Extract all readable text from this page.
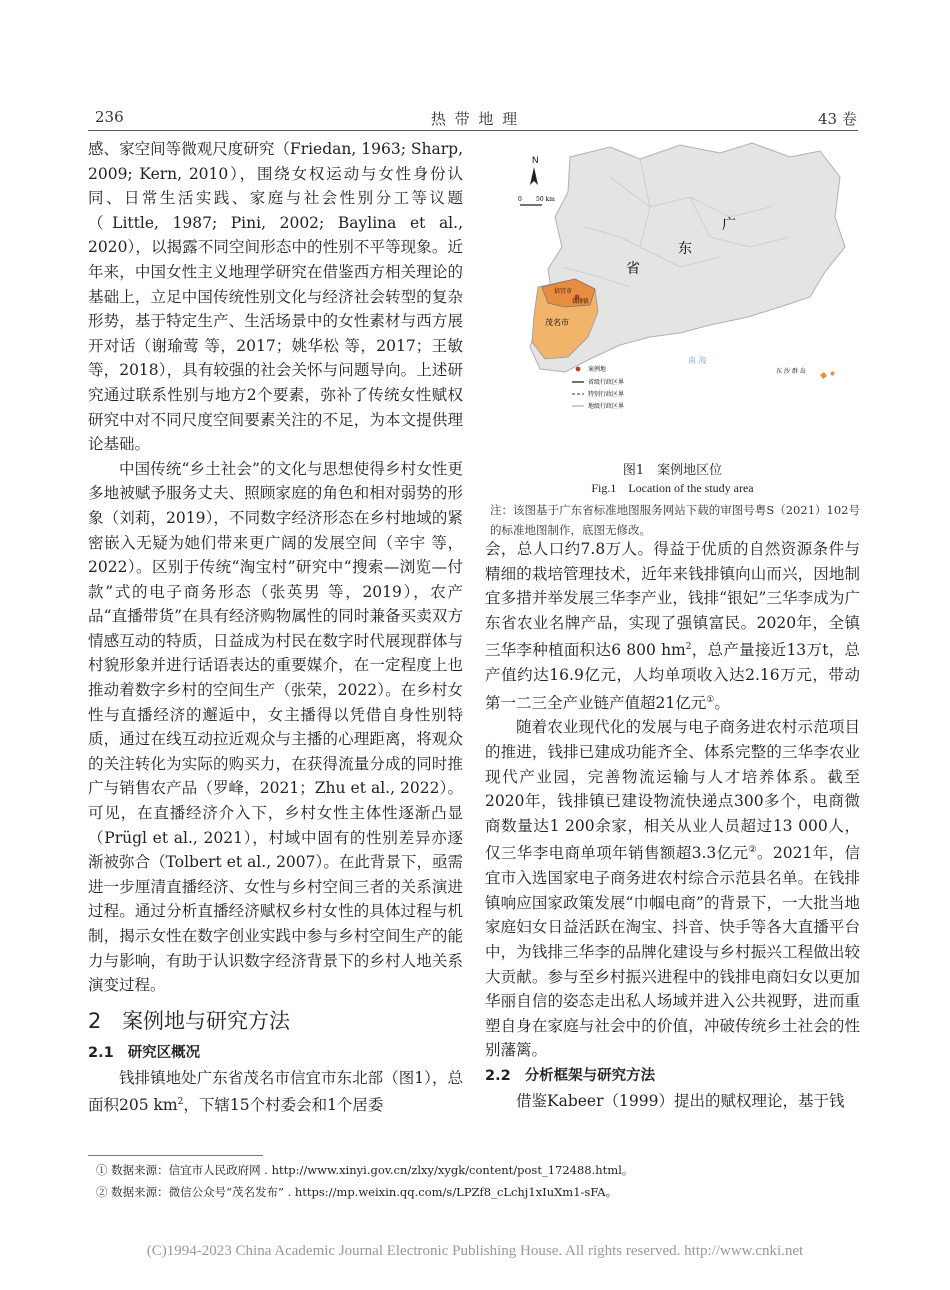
236	热 带 地 理	43 卷

感、家空间等微观尺度研究（Friedan, 1963; Sharp, 2009; Kern, 2010），围绕女权运动与女性身份认同、日常生活实践、家庭与社会性别分工等议题（Little, 1987; Pini, 2002; Baylina et al., 2020），以揭露不同空间形态中的性别不平等现象。近年来，中国女性主义地理学研究在借鉴西方相关理论的基础上，立足中国传统性别文化与经济社会转型的复杂形势，基于特定生产、生活场景中的女性素材与西方展开对话（谢瑜莺 等，2017；姚华松 等，2017；王敏 等，2018），具有较强的社会关怀与问题导向。上述研究通过联系性别与地方2个要素，弥补了传统女性赋权研究中对不同尺度空间要素关注的不足，为本文提供理论基础。

中国传统“乡土社会”的文化与思想使得乡村女性更多地被赋予服务丈夫、照顾家庭的角色和相对弱势的形象（刘莉，2019），不同数字经济形态在乡村地域的紧密嵌入无疑为她们带来更广阔的发展空间（辛宇 等，2022）。区别于传统“淘宝村”研究中“搜索—浏览—付款”式的电子商务形态（张英男 等，2019），农产品“直播带货”在具有经济购物属性的同时兼备买卖双方情感互动的特质，日益成为村民在数字时代展现群体与村貌形象并进行话语表达的重要媒介，在一定程度上也推动着数字乡村的空间生产（张荣，2022）。在乡村女性与直播经济的邂逅中，女主播得以凭借自身性别特质，通过在线互动拉近观众与主播的心理距离，将观众的关注转化为实际的购买力，在获得流量分成的同时推广与销售农产品（罗峰，2021；Zhu et al., 2022）。可见，在直播经济介入下，乡村女性主体性逐渐凸显（Prügl et al., 2021），村域中固有的性别差异亦逐渐被弥合（Tolbert et al., 2007）。在此背景下，亟需进一步厘清直播经济、女性与乡村空间三者的关系演进过程。通过分析直播经济赋权乡村女性的具体过程与机制，揭示女性在数字创业实践中参与乡村空间生产的能力与影响，有助于认识数字经济背景下的乡村人地关系演变过程。

2 案例地与研究方法
2.1 研究区概况

钱排镇地处广东省茂名市信宜市东北部（图1），总面积205 $km^2$，下辖15个村委会和1个居委

N
0 50 km
广
东
省
信宜市
钱排镇
茂名市
南 海
东 沙 群 岛
案例地
省级行政区界
特别行政区界
地级行政区界
图1　案例地区位
Fig.1　Location of the study area
注：该图基于广东省标准地图服务网站下载的审图号粤S（2021）102号的标准地图制作，底图无修改。

会，总人口约7.8万人。得益于优质的自然资源条件与精细的栽培管理技术，近年来钱排镇向山而兴，因地制宜多措并举发展三华李产业，钱排“银妃”三华李成为广东省农业名牌产品，实现了强镇富民。2020年，全镇三华李种植面积达6 800 $hm^2$，总产量接近13万t，总产值约达16.9亿元，人均单项收入达2.16万元，带动第一二三全产业链产值超21亿元①。

随着农业现代化的发展与电子商务进农村示范项目的推进，钱排已建成功能齐全、体系完整的三华李农业现代产业园，完善物流运输与人才培养体系。截至2020年，钱排镇已建设物流快递点300多个，电商微商数量达1 200余家，相关从业人员超过13 000人，仅三华李电商单项年销售额超3.3亿元②。2021年，信宜市入选国家电子商务进农村综合示范县名单。在钱排镇响应国家政策发展“巾帼电商”的背景下，一大批当地家庭妇女日益活跃在淘宝、抖音、快手等各大直播平台中，为钱排三华李的品牌化建设与乡村振兴工程做出较大贡献。参与至乡村振兴进程中的钱排电商妇女以更加华丽自信的姿态走出私人场域并进入公共视野，进而重塑自身在家庭与社会中的价值，冲破传统乡土社会的性别藩篱。

2.2 分析框架与研究方法

借鉴Kabeer（1999）提出的赋权理论，基于钱

① 数据来源：信宜市人民政府网 . http://www.xinyi.gov.cn/zlxy/xygk/content/post_172488.html。
② 数据来源：微信公众号“茂名发布” . https://mp.weixin.qq.com/s/LPZf8_cLchj1xIuXm1-sFA。
(C)1994-2023 China Academic Journal Electronic Publishing House. All rights reserved. http://www.cnki.net
